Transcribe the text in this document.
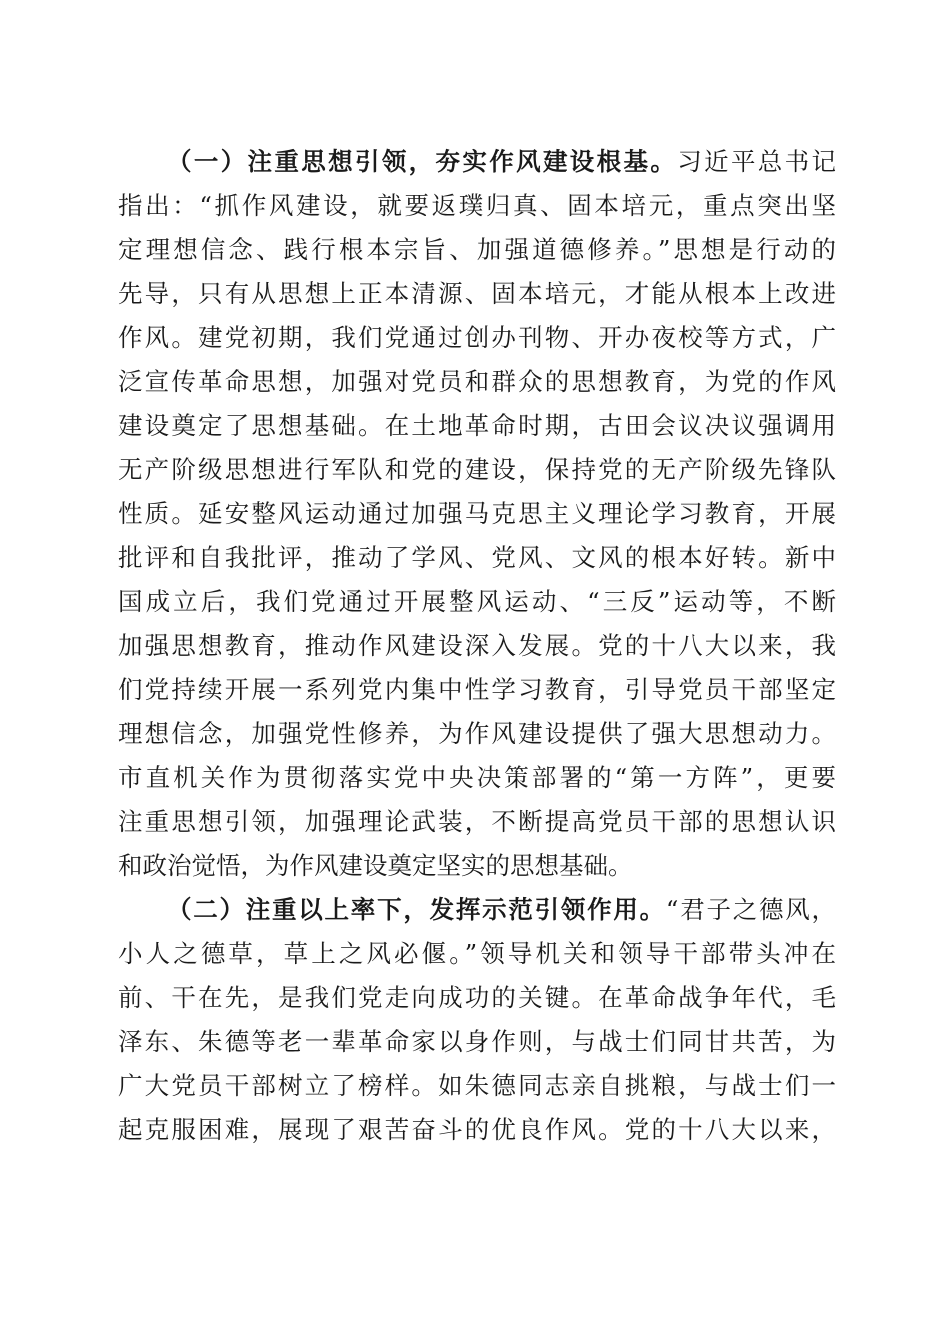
（一）注重思想引领，夯实作风建设根基。习近平总书记
指出：“抓作风建设，就要返璞归真、固本培元，重点突出坚
定理想信念、践行根本宗旨、加强道德修养。”思想是行动的
先导，只有从思想上正本清源、固本培元，才能从根本上改进
作风。建党初期，我们党通过创办刊物、开办夜校等方式，广
泛宣传革命思想，加强对党员和群众的思想教育，为党的作风
建设奠定了思想基础。在土地革命时期，古田会议决议强调用
无产阶级思想进行军队和党的建设，保持党的无产阶级先锋队
性质。延安整风运动通过加强马克思主义理论学习教育，开展
批评和自我批评，推动了学风、党风、文风的根本好转。新中
国成立后，我们党通过开展整风运动、“三反”运动等，不断
加强思想教育，推动作风建设深入发展。党的十八大以来，我
们党持续开展一系列党内集中性学习教育，引导党员干部坚定
理想信念，加强党性修养，为作风建设提供了强大思想动力。
市直机关作为贯彻落实党中央决策部署的“第一方阵”，更要
注重思想引领，加强理论武装，不断提高党员干部的思想认识
和政治觉悟，为作风建设奠定坚实的思想基础。
（二）注重以上率下，发挥示范引领作用。“君子之德风，
小人之德草，草上之风必偃。”领导机关和领导干部带头冲在
前、干在先，是我们党走向成功的关键。在革命战争年代，毛
泽东、朱德等老一辈革命家以身作则，与战士们同甘共苦，为
广大党员干部树立了榜样。如朱德同志亲自挑粮，与战士们一
起克服困难，展现了艰苦奋斗的优良作风。党的十八大以来，
